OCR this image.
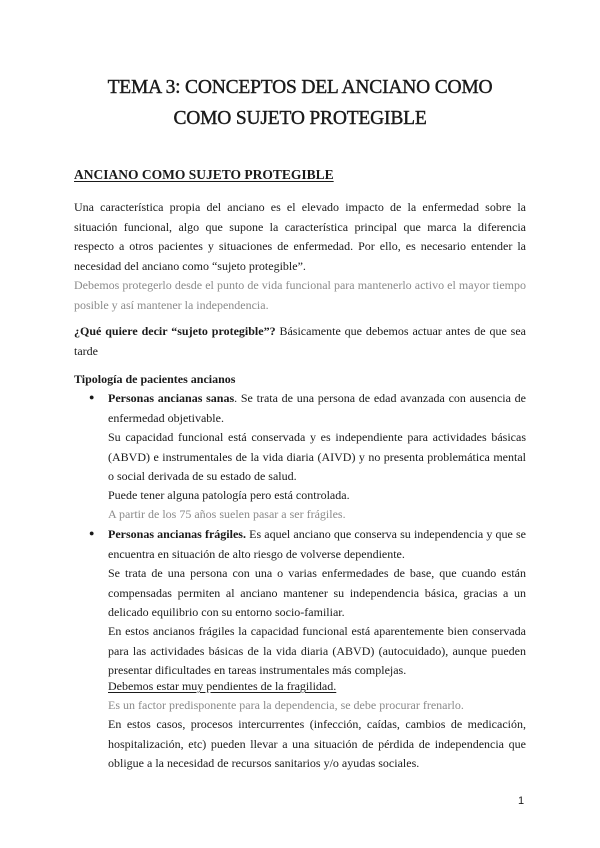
TEMA 3: CONCEPTOS DEL ANCIANO COMO
COMO SUJETO PROTEGIBLE
ANCIANO COMO SUJETO PROTEGIBLE

Una característica propia del anciano es el elevado impacto de la enfermedad sobre la situación funcional, algo que supone la característica principal que marca la diferencia respecto a otros pacientes y situaciones de enfermedad. Por ello, es necesario entender la necesidad del anciano como “sujeto protegible”.

Debemos protegerlo desde el punto de vida funcional para mantenerlo activo el mayor tiempo posible y así mantener la independencia.

¿Qué quiere decir “sujeto protegible”? Básicamente que debemos actuar antes de que sea tarde

Tipología de pacientes ancianos

● Personas ancianas sanas. Se trata de una persona de edad avanzada con ausencia de enfermedad objetivable.

Su capacidad funcional está conservada y es independiente para actividades básicas (ABVD) e instrumentales de la vida diaria (AIVD) y no presenta problemática mental o social derivada de su estado de salud.

Puede tener alguna patología pero está controlada.

A partir de los 75 años suelen pasar a ser frágiles.

● Personas ancianas frágiles. Es aquel anciano que conserva su independencia y que se encuentra en situación de alto riesgo de volverse dependiente.

Se trata de una persona con una o varias enfermedades de base, que cuando están compensadas permiten al anciano mantener su independencia básica, gracias a un delicado equilibrio con su entorno socio-familiar.

En estos ancianos frágiles la capacidad funcional está aparentemente bien conservada para las actividades básicas de la vida diaria (ABVD) (autocuidado), aunque pueden presentar dificultades en tareas instrumentales más complejas.

Debemos estar muy pendientes de la fragilidad.

Es un factor predisponente para la dependencia, se debe procurar frenarlo.

En estos casos, procesos intercurrentes (infección, caídas, cambios de medicación, hospitalización, etc) pueden llevar a una situación de pérdida de independencia que obligue a la necesidad de recursos sanitarios y/o ayudas sociales.

1
